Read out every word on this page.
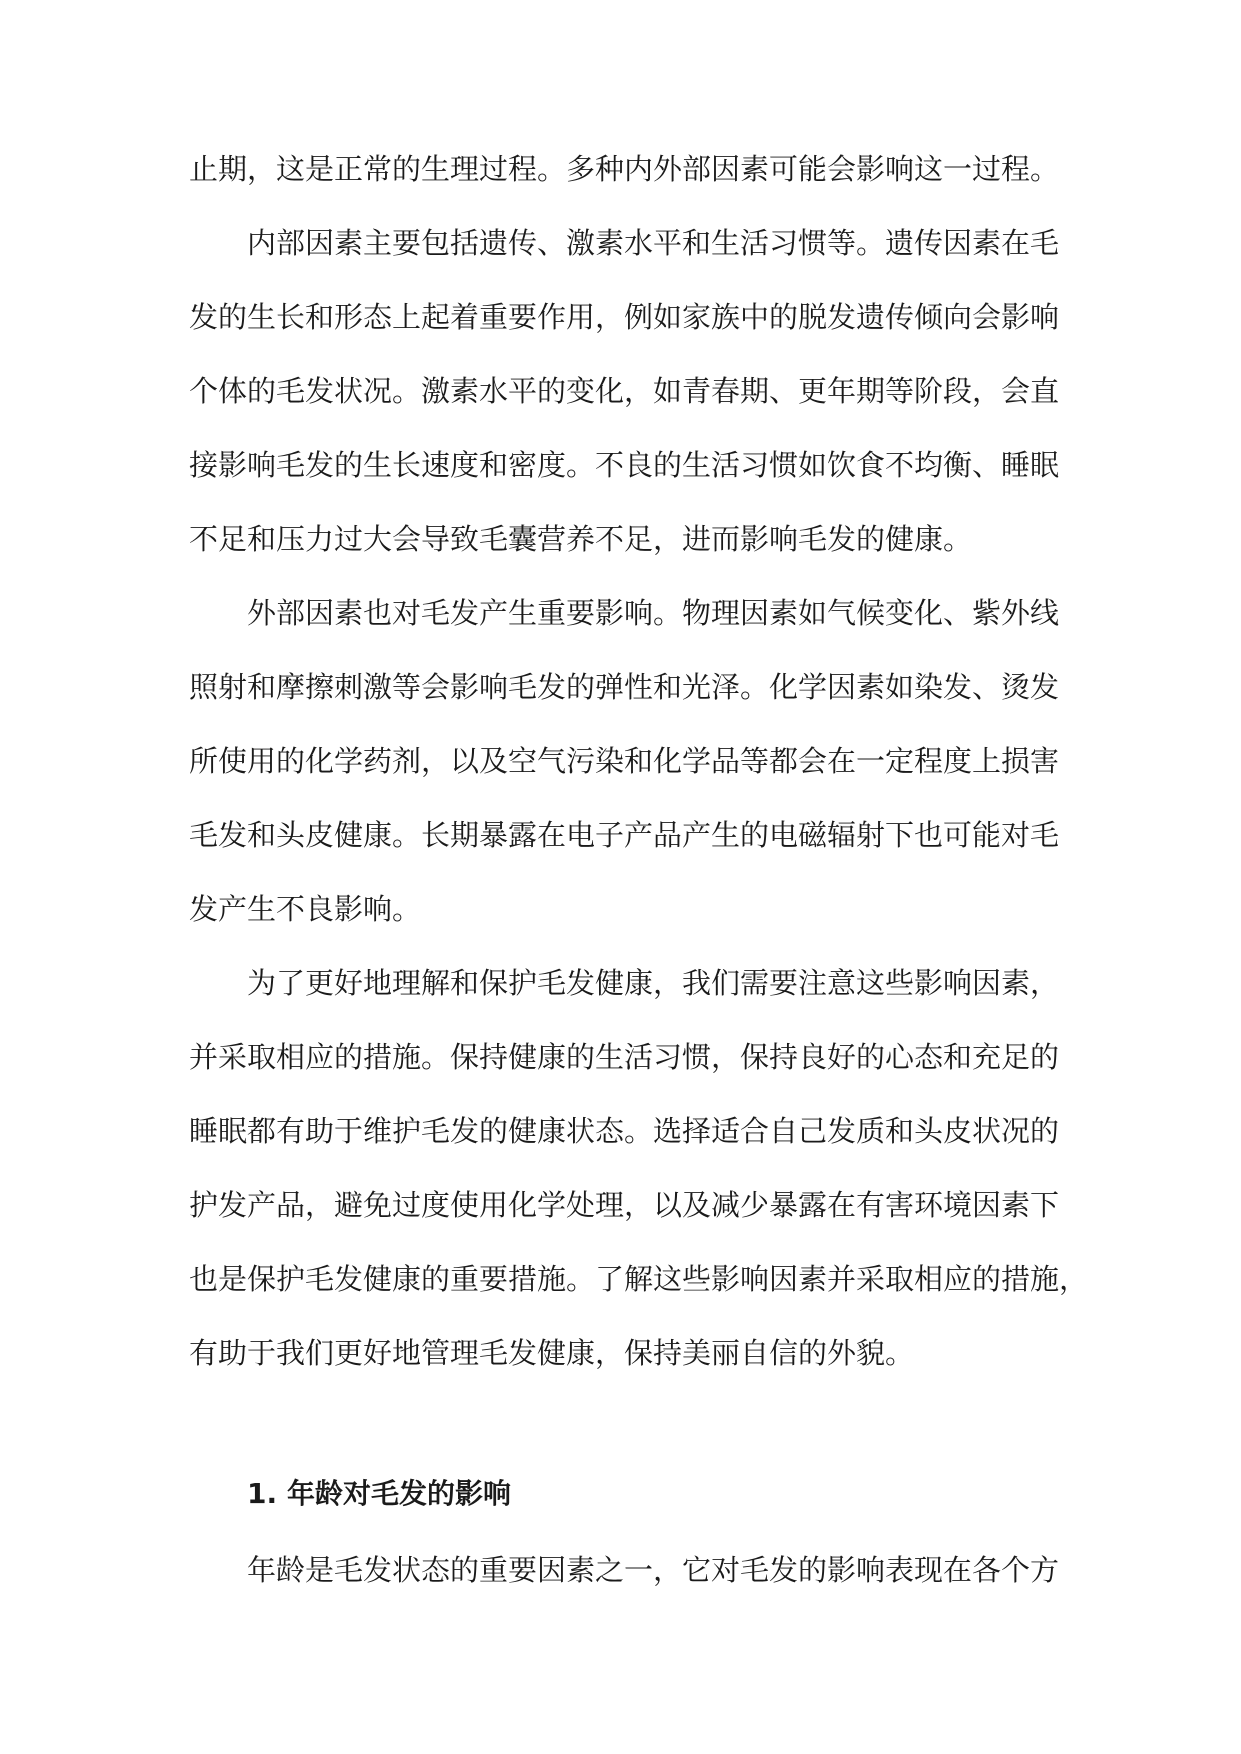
止期，这是正常的生理过程。多种内外部因素可能会影响这一过程。

内部因素主要包括遗传、激素水平和生活习惯等。遗传因素在毛

发的生长和形态上起着重要作用，例如家族中的脱发遗传倾向会影响

个体的毛发状况。激素水平的变化，如青春期、更年期等阶段，会直

接影响毛发的生长速度和密度。不良的生活习惯如饮食不均衡、睡眠

不足和压力过大会导致毛囊营养不足，进而影响毛发的健康。

外部因素也对毛发产生重要影响。物理因素如气候变化、紫外线

照射和摩擦刺激等会影响毛发的弹性和光泽。化学因素如染发、烫发

所使用的化学药剂，以及空气污染和化学品等都会在一定程度上损害

毛发和头皮健康。长期暴露在电子产品产生的电磁辐射下也可能对毛

发产生不良影响。

为了更好地理解和保护毛发健康，我们需要注意这些影响因素，

并采取相应的措施。保持健康的生活习惯，保持良好的心态和充足的

睡眠都有助于维护毛发的健康状态。选择适合自己发质和头皮状况的

护发产品，避免过度使用化学处理，以及减少暴露在有害环境因素下

也是保护毛发健康的重要措施。了解这些影响因素并采取相应的措施，

有助于我们更好地管理毛发健康，保持美丽自信的外貌。

1. 年龄对毛发的影响

年龄是毛发状态的重要因素之一，它对毛发的影响表现在各个方
